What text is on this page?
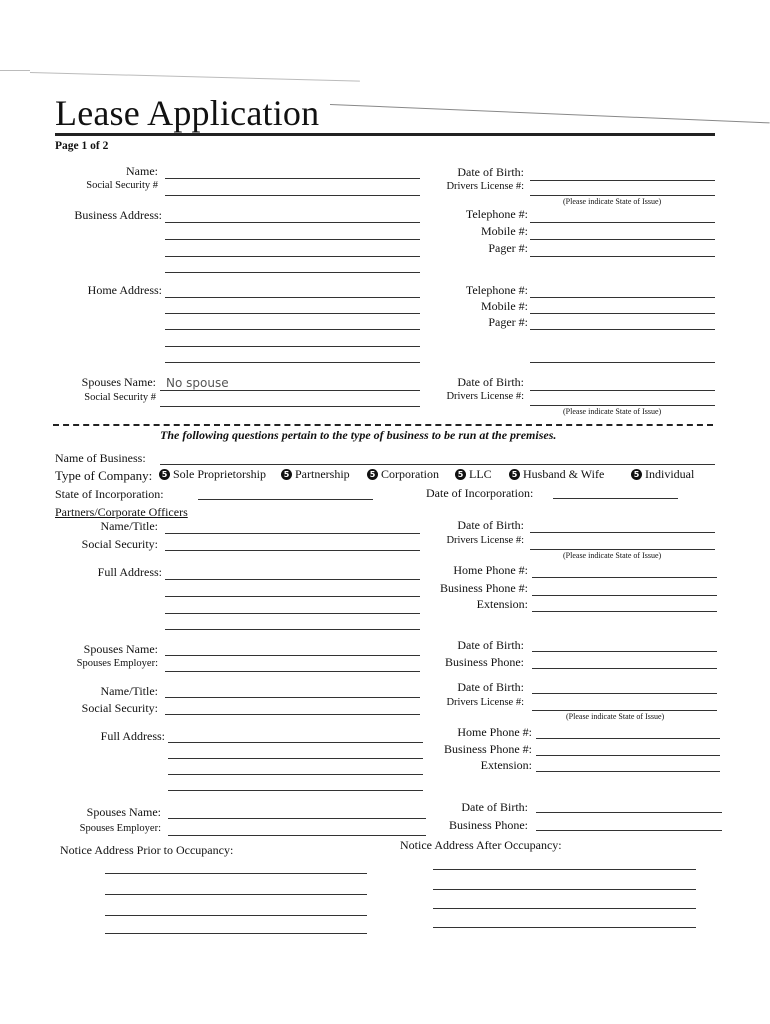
Lease Application
Page 1 of 2
Name:
Social Security #
Date of Birth:
Drivers License #:
(Please indicate State of Issue)
Business Address:	Telephone #:
Mobile #:
Pager #:
Home Address:	Telephone #:
Mobile #:
Pager #:
Spouses Name: No spouse
Social Security #
Date of Birth:
Drivers License #:
(Please indicate State of Issue)
The following questions pertain to the type of business to be run at the premises.
Name of Business:
Type of Company:	5 Sole Proprietorship	5 Partnership	5 Corporation	5 LLC	5 Husband & Wife	5 Individual
State of Incorporation:	Date of Incorporation:
Partners/Corporate Officers
Name/Title:
Social Security:
Date of Birth:
Drivers License #:
(Please indicate State of Issue)
Full Address:	Home Phone #:
Business Phone #:
Extension:
Spouses Name:
Spouses Employer:
Date of Birth:
Business Phone:
Name/Title:
Social Security:
Date of Birth:
Drivers License #:
(Please indicate State of Issue)
Full Address:	Home Phone #:
Business Phone #:
Extension:
Spouses Name:
Spouses Employer:
Date of Birth:
Business Phone:
Notice Address Prior to Occupancy:	Notice Address After Occupancy:
